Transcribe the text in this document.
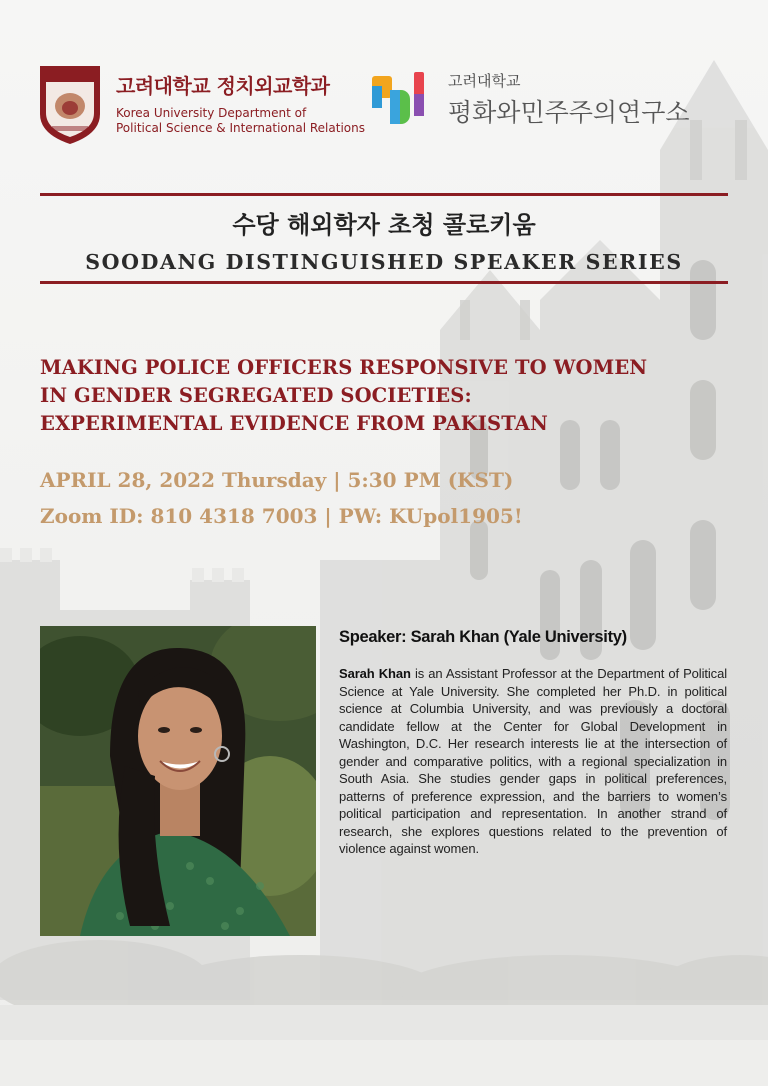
고려대학교 정치외교학과
Korea University Department of
Political Science & International Relations
고려대학교
평화와민주주의연구소
수당 해외학자 초청 콜로키움
SOODANG DISTINGUISHED SPEAKER SERIES
MAKING POLICE OFFICERS RESPONSIVE TO WOMEN
IN GENDER SEGREGATED SOCIETIES:
EXPERIMENTAL EVIDENCE FROM PAKISTAN
APRIL 28, 2022 Thursday | 5:30 PM (KST)
Zoom ID: 810 4318 7003 | PW: KUpol1905!
Speaker: Sarah Khan (Yale University)
Sarah Khan is an Assistant Professor at the Department of Political Science at Yale University. She completed her Ph.D. in political science at Columbia University, and was previously a doctoral candidate fellow at the Center for Global Development in Washington, D.C. Her research interests lie at the intersection of gender and comparative politics, with a regional specialization in South Asia. She studies gender gaps in political preferences, patterns of preference expression, and the barriers to women’s political participation and representation. In another strand of research, she explores questions related to the prevention of violence against women.
